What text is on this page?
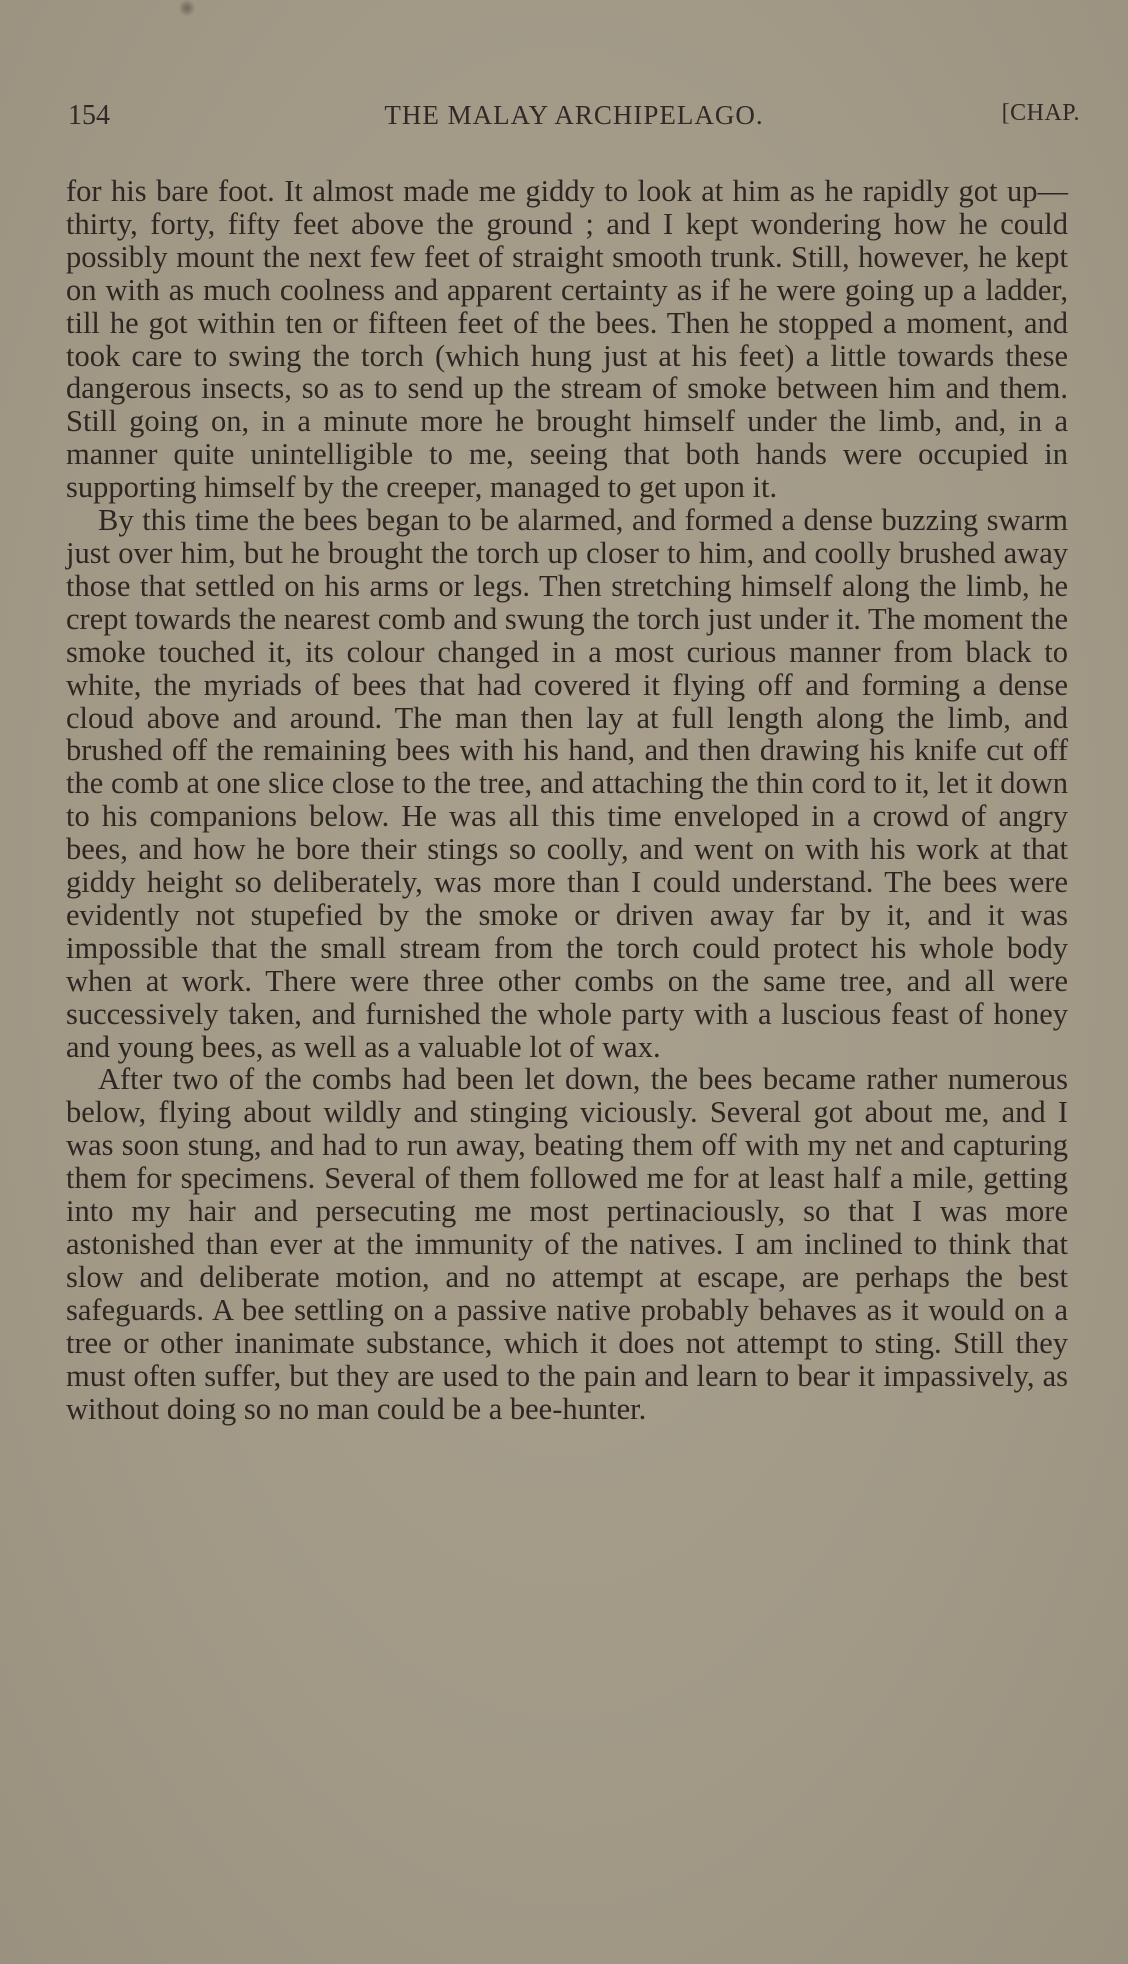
154	THE MALAY ARCHIPELAGO.	[CHAP.

for his bare foot. It almost made me giddy to look at him as he rapidly got up—thirty, forty, fifty feet above the ground ; and I kept wondering how he could possibly mount the next few feet of straight smooth trunk. Still, however, he kept on with as much coolness and apparent certainty as if he were going up a ladder, till he got within ten or fifteen feet of the bees. Then he stopped a moment, and took care to swing the torch (which hung just at his feet) a little towards these dangerous insects, so as to send up the stream of smoke between him and them. Still going on, in a minute more he brought himself under the limb, and, in a manner quite unintelligible to me, seeing that both hands were occupied in supporting himself by the creeper, managed to get upon it.

By this time the bees began to be alarmed, and formed a dense buzzing swarm just over him, but he brought the torch up closer to him, and coolly brushed away those that settled on his arms or legs. Then stretching himself along the limb, he crept towards the nearest comb and swung the torch just under it. The moment the smoke touched it, its colour changed in a most curious manner from black to white, the myriads of bees that had covered it flying off and forming a dense cloud above and around. The man then lay at full length along the limb, and brushed off the remaining bees with his hand, and then drawing his knife cut off the comb at one slice close to the tree, and attaching the thin cord to it, let it down to his companions below. He was all this time enveloped in a crowd of angry bees, and how he bore their stings so coolly, and went on with his work at that giddy height so deliberately, was more than I could understand. The bees were evidently not stupefied by the smoke or driven away far by it, and it was impossible that the small stream from the torch could protect his whole body when at work. There were three other combs on the same tree, and all were successively taken, and furnished the whole party with a luscious feast of honey and young bees, as well as a valuable lot of wax.

After two of the combs had been let down, the bees became rather numerous below, flying about wildly and stinging viciously. Several got about me, and I was soon stung, and had to run away, beating them off with my net and capturing them for specimens. Several of them followed me for at least half a mile, getting into my hair and persecuting me most pertinaciously, so that I was more astonished than ever at the immunity of the natives. I am inclined to think that slow and deliberate motion, and no attempt at escape, are perhaps the best safeguards. A bee settling on a passive native probably behaves as it would on a tree or other inanimate substance, which it does not attempt to sting. Still they must often suffer, but they are used to the pain and learn to bear it impassively, as without doing so no man could be a bee-hunter.
